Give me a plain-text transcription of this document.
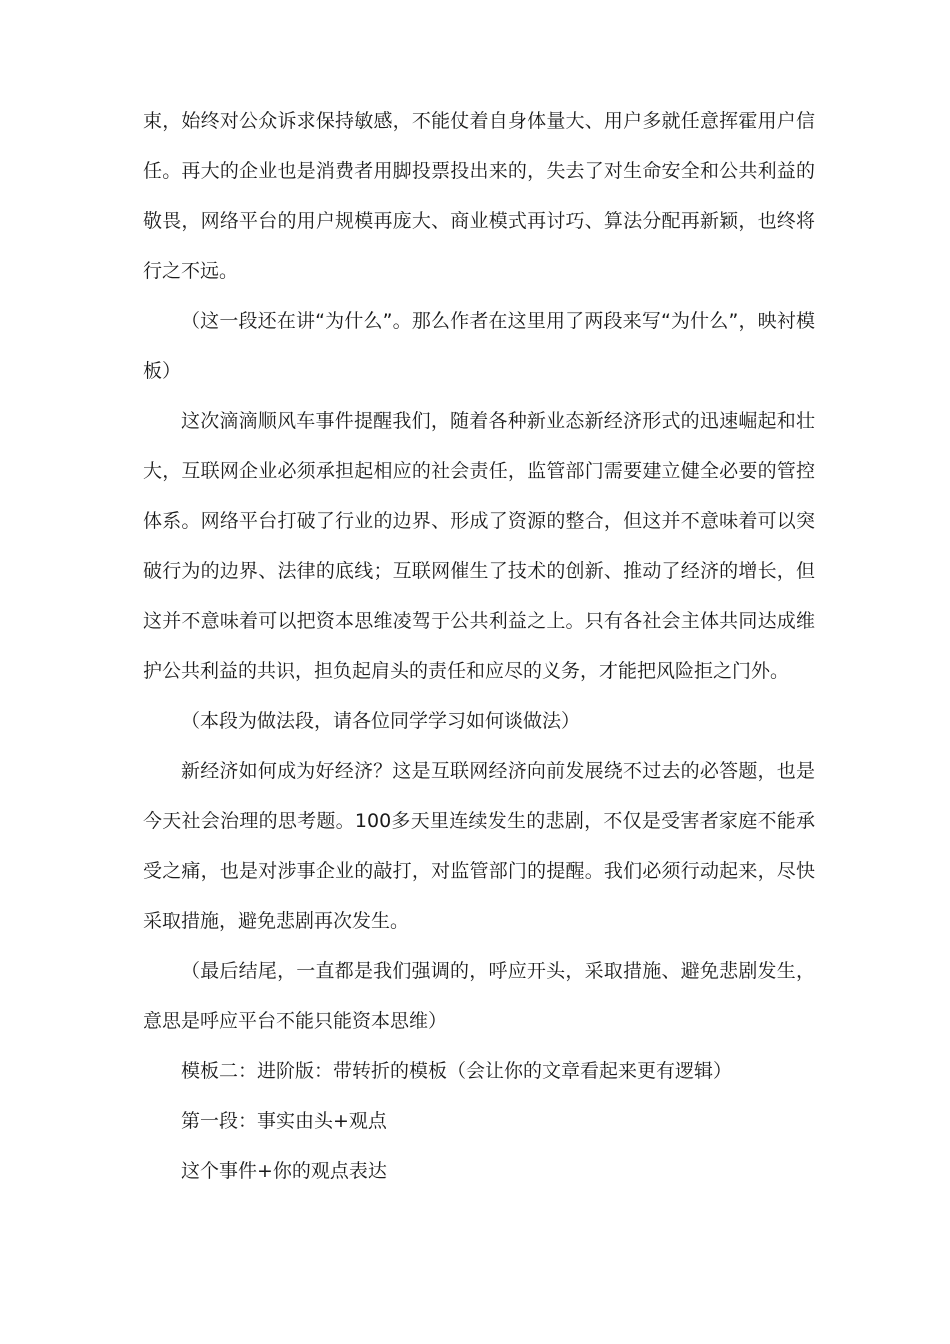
束，始终对公众诉求保持敏感，不能仗着自身体量大、用户多就任意挥霍用户信任。再大的企业也是消费者用脚投票投出来的，失去了对生命安全和公共利益的敬畏，网络平台的用户规模再庞大、商业模式再讨巧、算法分配再新颖，也终将行之不远。

（这一段还在讲“为什么”。那么作者在这里用了两段来写“为什么”，映衬模板）

这次滴滴顺风车事件提醒我们，随着各种新业态新经济形式的迅速崛起和壮大，互联网企业必须承担起相应的社会责任，监管部门需要建立健全必要的管控体系。网络平台打破了行业的边界、形成了资源的整合，但这并不意味着可以突破行为的边界、法律的底线；互联网催生了技术的创新、推动了经济的增长，但这并不意味着可以把资本思维凌驾于公共利益之上。只有各社会主体共同达成维护公共利益的共识，担负起肩头的责任和应尽的义务，才能把风险拒之门外。

（本段为做法段，请各位同学学习如何谈做法）

新经济如何成为好经济？这是互联网经济向前发展绕不过去的必答题，也是今天社会治理的思考题。100多天里连续发生的悲剧，不仅是受害者家庭不能承受之痛，也是对涉事企业的敲打，对监管部门的提醒。我们必须行动起来，尽快采取措施，避免悲剧再次发生。

（最后结尾，一直都是我们强调的，呼应开头，采取措施、避免悲剧发生，意思是呼应平台不能只能资本思维）

模板二：进阶版：带转折的模板（会让你的文章看起来更有逻辑）

第一段：事实由头+观点

这个事件+你的观点表达
